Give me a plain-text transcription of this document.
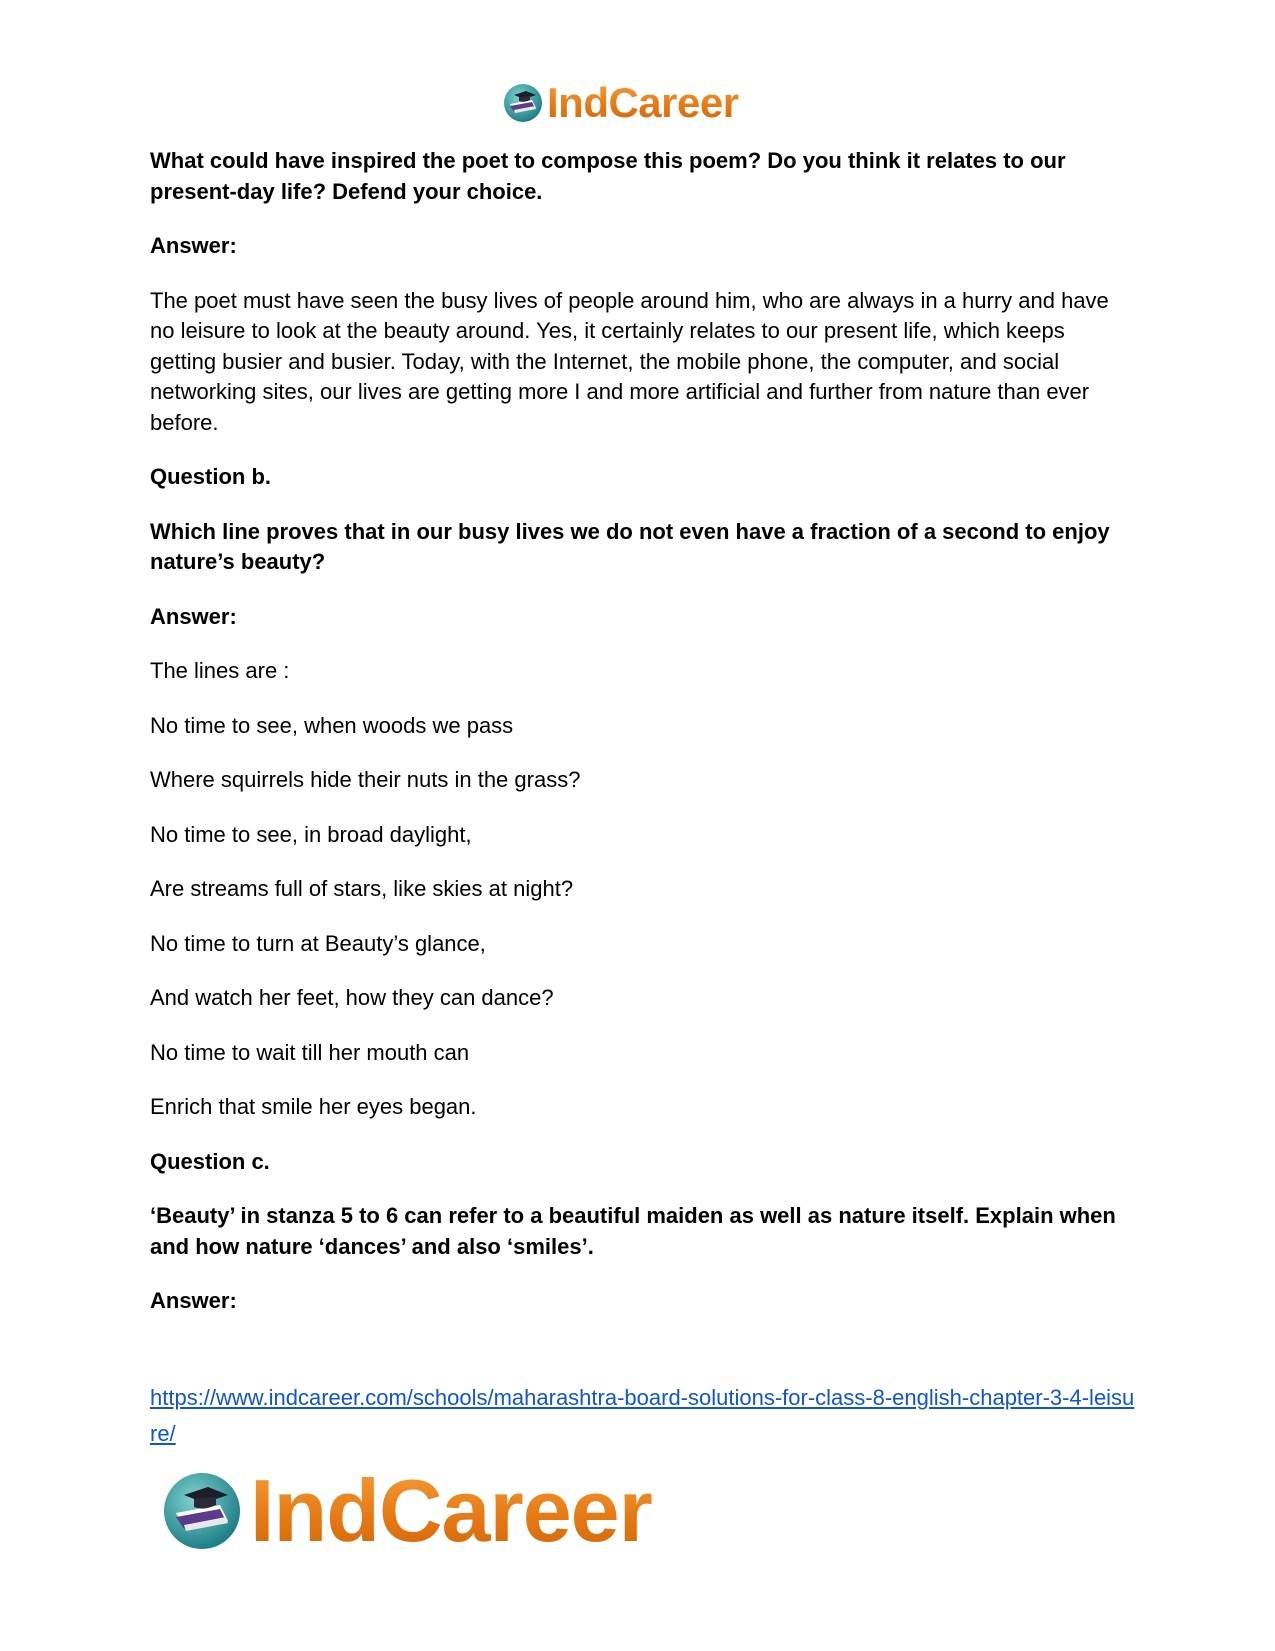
IndCareer

What could have inspired the poet to compose this poem? Do you think it relates to our present-day life? Defend your choice.

Answer:

The poet must have seen the busy lives of people around him, who are always in a hurry and have no leisure to look at the beauty around. Yes, it certainly relates to our present life, which keeps getting busier and busier. Today, with the Internet, the mobile phone, the computer, and social networking sites, our lives are getting more I and more artificial and further from nature than ever before.

Question b.

Which line proves that in our busy lives we do not even have a fraction of a second to enjoy nature’s beauty?

Answer:

The lines are :

No time to see, when woods we pass

Where squirrels hide their nuts in the grass?

No time to see, in broad daylight,

Are streams full of stars, like skies at night?

No time to turn at Beauty’s glance,

And watch her feet, how they can dance?

No time to wait till her mouth can

Enrich that smile her eyes began.

Question c.

‘Beauty’ in stanza 5 to 6 can refer to a beautiful maiden as well as nature itself. Explain when and how nature ‘dances’ and also ‘smiles’.

Answer:

https://www.indcareer.com/schools/maharashtra-board-solutions-for-class-8-english-chapter-3-4-leisure/
IndCareer
